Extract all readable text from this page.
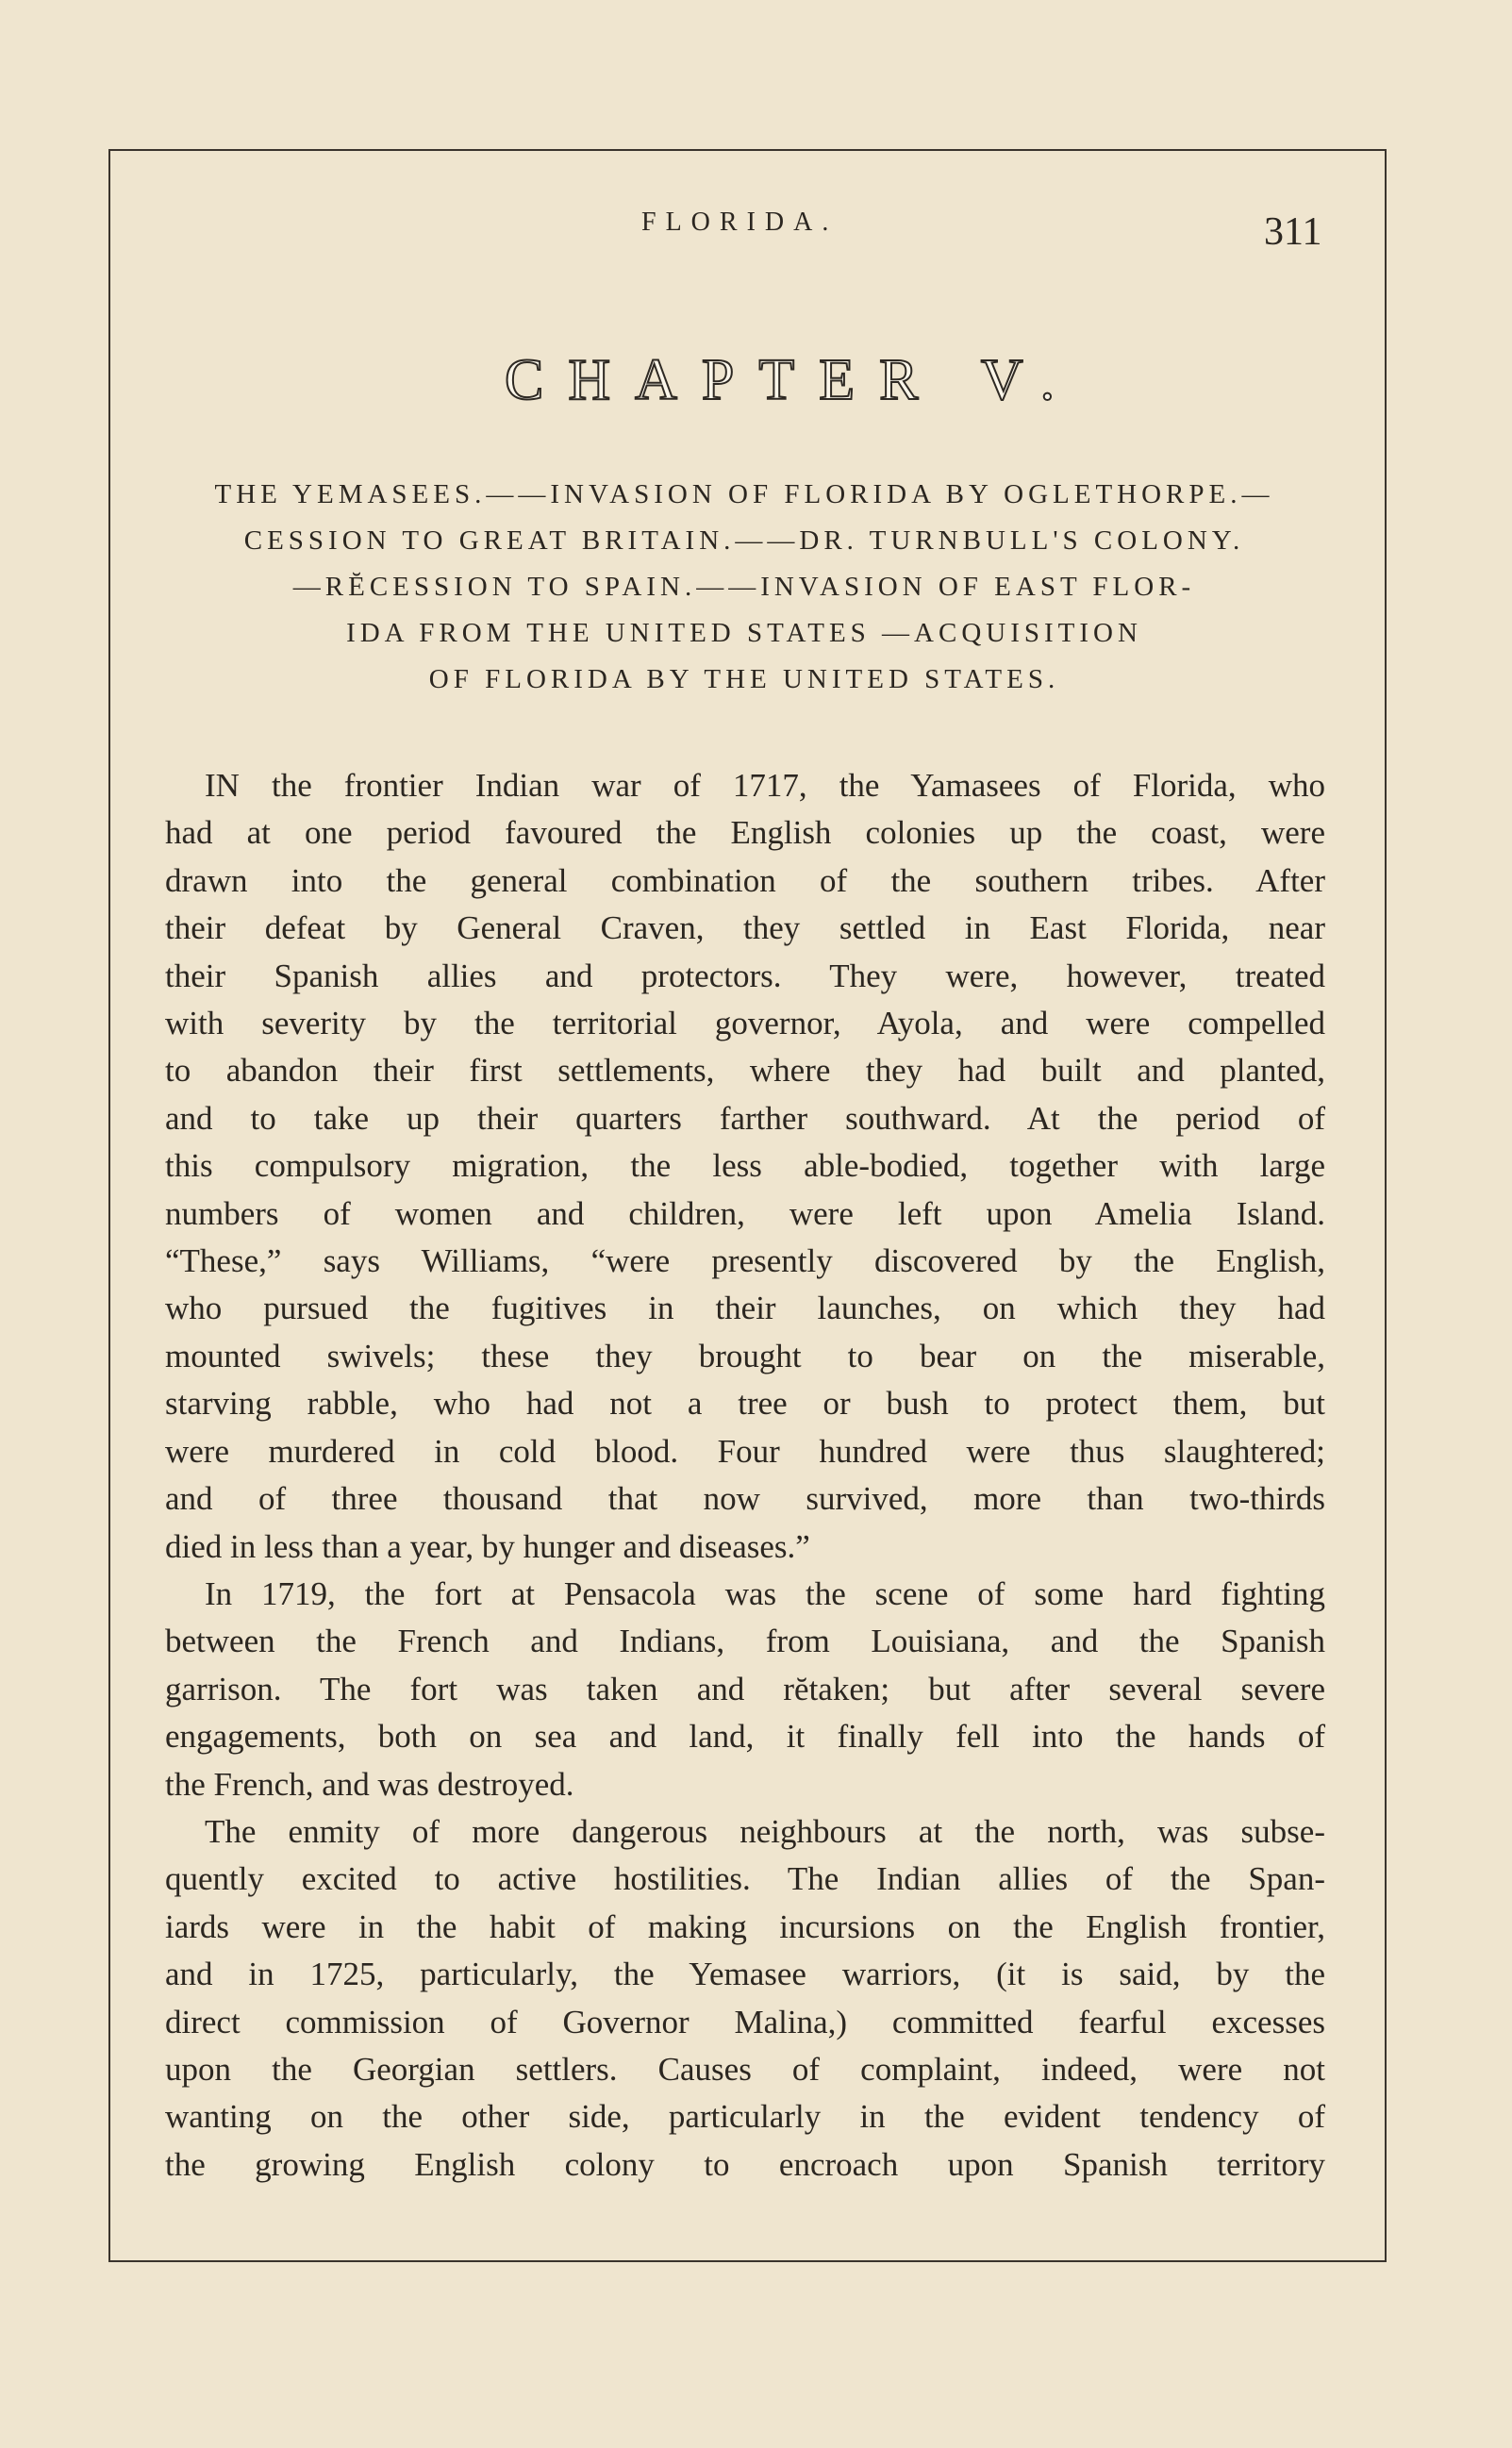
FLORIDA.	311
CHAPTER V.
THE YEMASEES.——INVASION OF FLORIDA BY OGLETHORPE.—
CESSION TO GREAT BRITAIN.——DR. TURNBULL'S COLONY.
—RĔCESSION TO SPAIN.——INVASION OF EAST FLOR-
IDA FROM THE UNITED STATES —ACQUISITION
OF FLORIDA BY THE UNITED STATES.
IN the frontier Indian war of 1717, the Yamasees of Florida, who
had at one period favoured the English colonies up the coast, were
drawn into the general combination of the southern tribes. After
their defeat by General Craven, they settled in East Florida, near
their Spanish allies and protectors. They were, however, treated
with severity by the territorial governor, Ayola, and were compelled
to abandon their first settlements, where they had built and planted,
and to take up their quarters farther southward. At the period of
this compulsory migration, the less able-bodied, together with large
numbers of women and children, were left upon Amelia Island.
“These,” says Williams, “were presently discovered by the English,
who pursued the fugitives in their launches, on which they had
mounted swivels; these they brought to bear on the miserable,
starving rabble, who had not a tree or bush to protect them, but
were murdered in cold blood. Four hundred were thus slaughtered;
and of three thousand that now survived, more than two-thirds
died in less than a year, by hunger and diseases.”
In 1719, the fort at Pensacola was the scene of some hard fighting
between the French and Indians, from Louisiana, and the Spanish
garrison. The fort was taken and rĕtaken; but after several severe
engagements, both on sea and land, it finally fell into the hands of
the French, and was destroyed.
The enmity of more dangerous neighbours at the north, was subse-
quently excited to active hostilities. The Indian allies of the Span-
iards were in the habit of making incursions on the English frontier,
and in 1725, particularly, the Yemasee warriors, (it is said, by the
direct commission of Governor Malina,) committed fearful excesses
upon the Georgian settlers. Causes of complaint, indeed, were not
wanting on the other side, particularly in the evident tendency of
the growing English colony to encroach upon Spanish territory
